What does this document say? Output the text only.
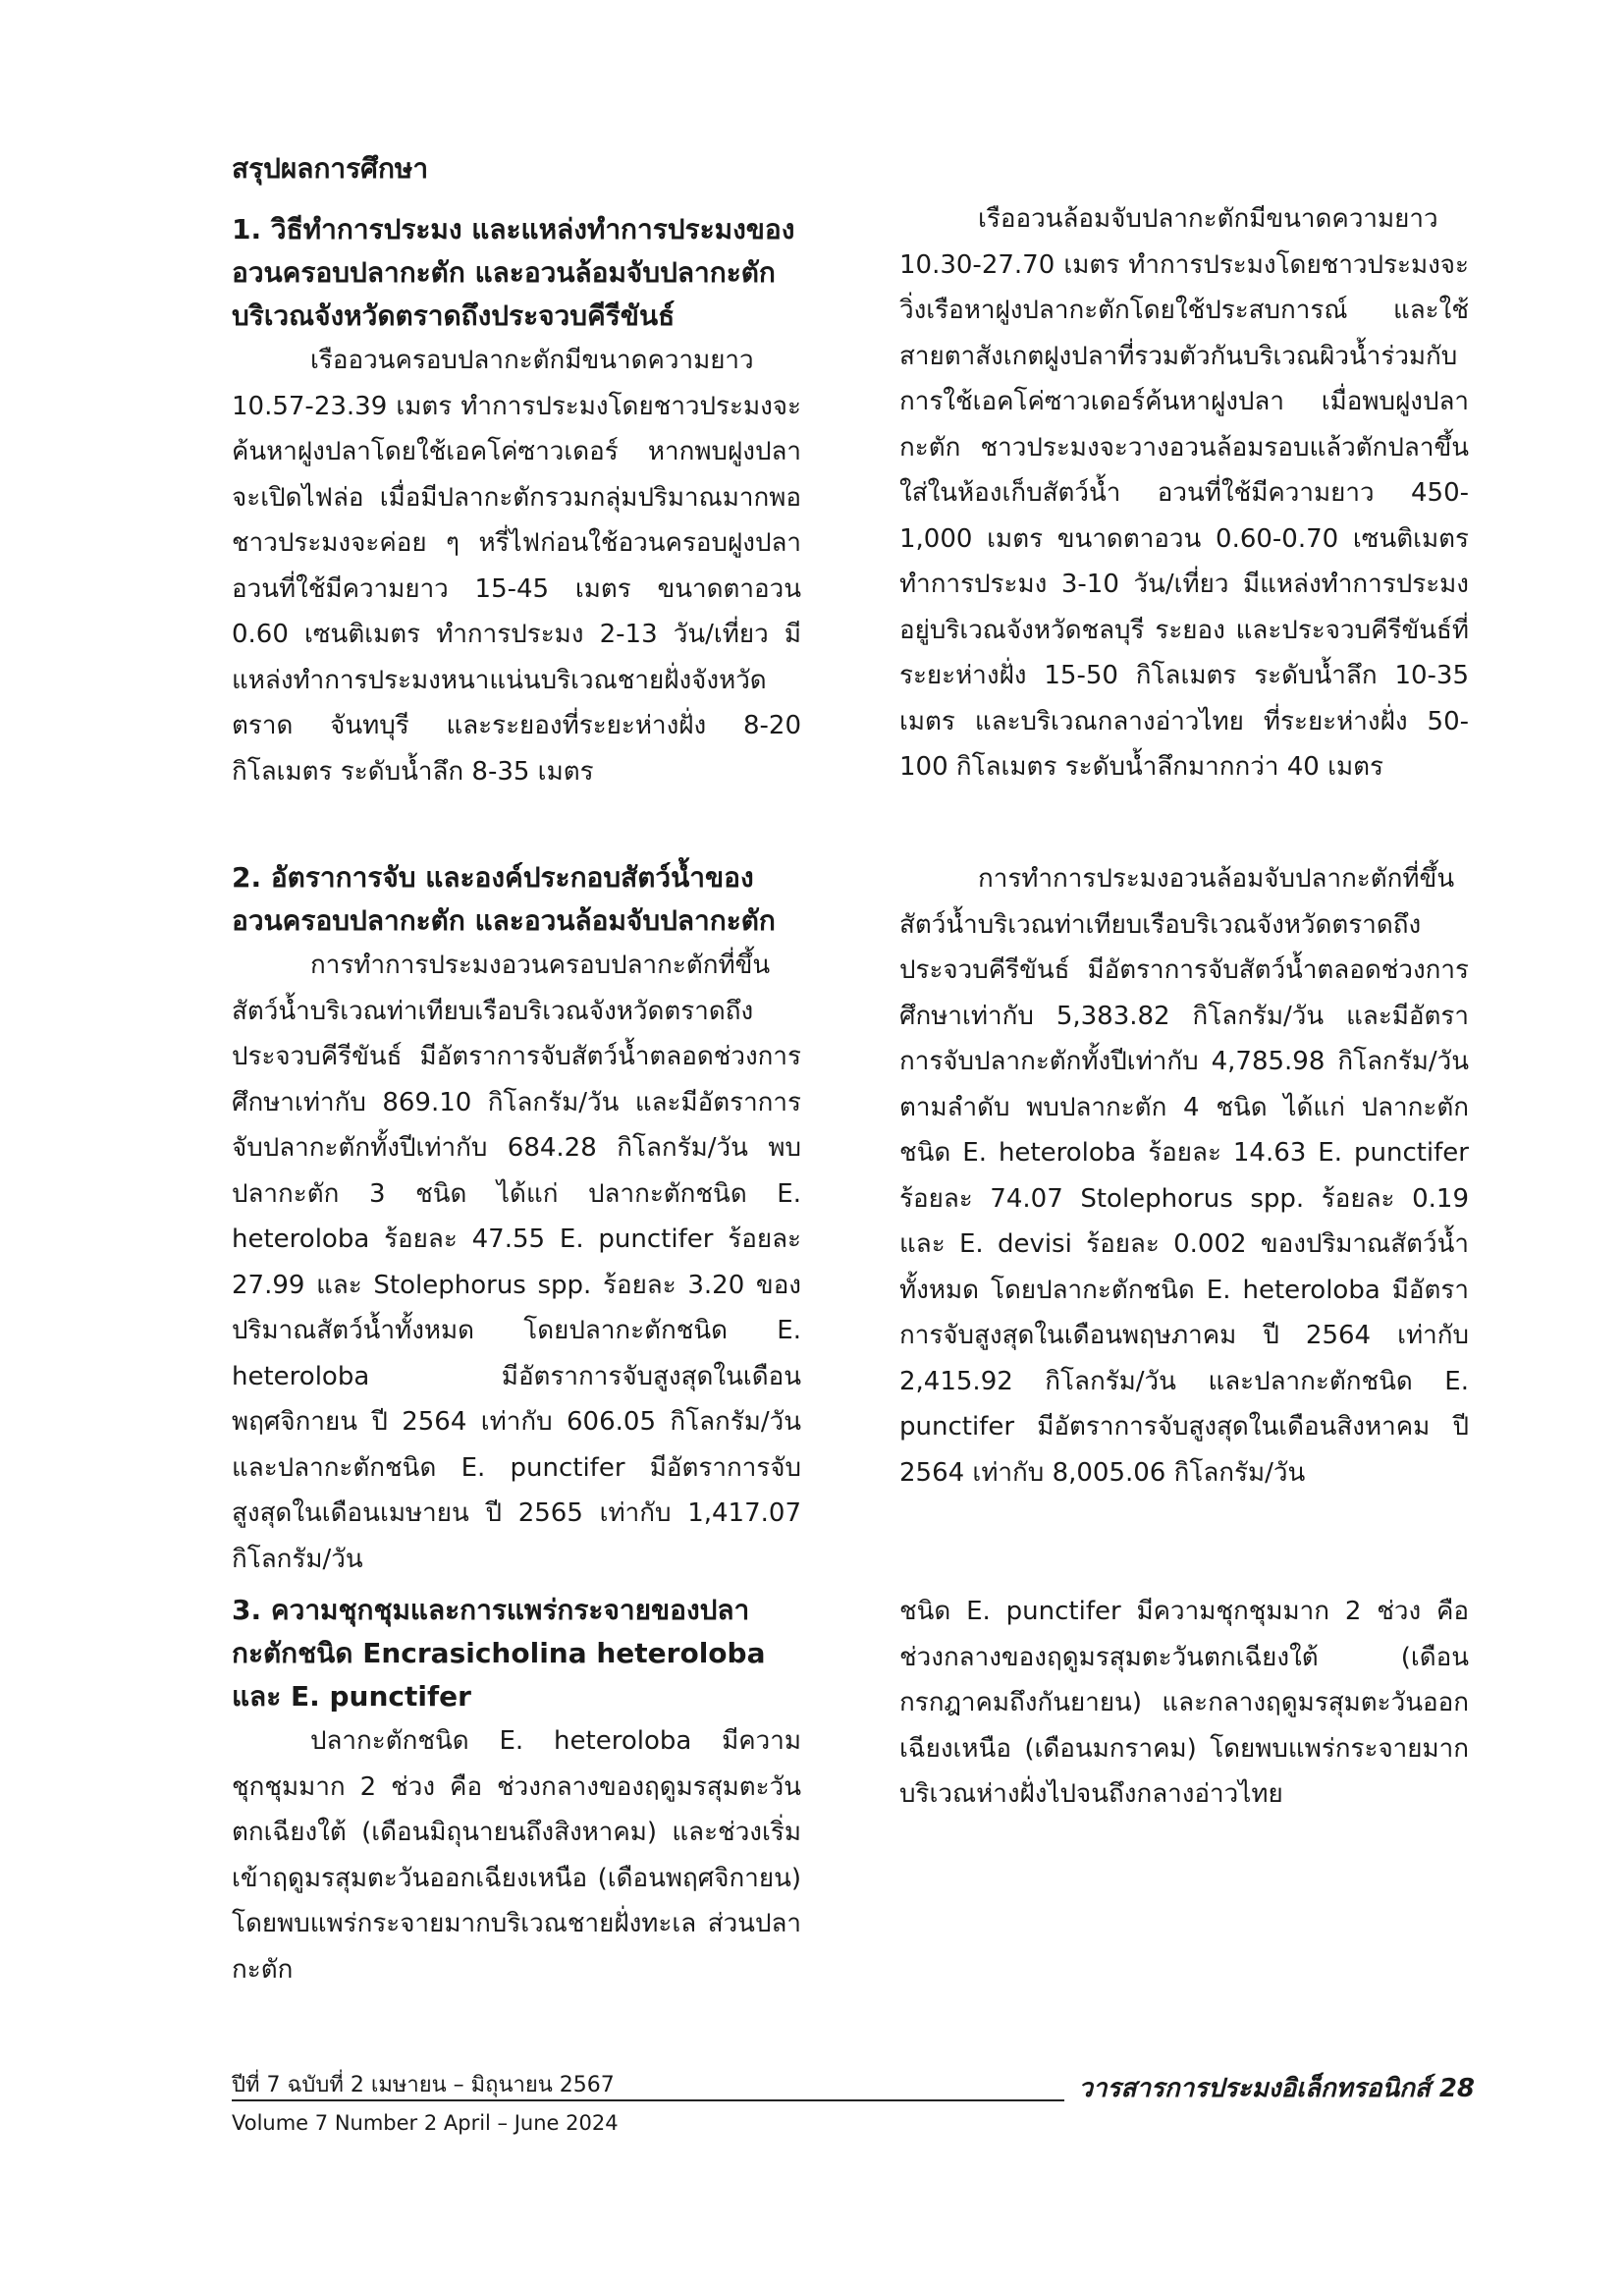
สรุปผลการศึกษา

1. วิธีทำการประมง และแหล่งทำการประมงของอวนครอบปลากะตัก และอวนล้อมจับปลากะตักบริเวณจังหวัดตราดถึงประจวบคีรีขันธ์

เรืออวนครอบปลากะตักมีขนาดความยาว 10.57-23.39 เมตร ทำการประมงโดยชาวประมงจะค้นหาฝูงปลาโดยใช้เอคโค่ซาวเดอร์ หากพบฝูงปลาจะเปิดไฟล่อ เมื่อมีปลากะตักรวมกลุ่มปริมาณมากพอ ชาวประมงจะค่อย ๆ หรี่ไฟก่อนใช้อวนครอบฝูงปลา อวนที่ใช้มีความยาว 15-45 เมตร ขนาดตาอวน 0.60 เซนติเมตร ทำการประมง 2-13 วัน/เที่ยว มีแหล่งทำการประมงหนาแน่นบริเวณชายฝั่งจังหวัดตราด จันทบุรี และระยองที่ระยะห่างฝั่ง 8-20 กิโลเมตร ระดับน้ำลึก 8-35 เมตร

เรืออวนล้อมจับปลากะตักมีขนาดความยาว 10.30-27.70 เมตร ทำการประมงโดยชาวประมงจะวิ่งเรือหาฝูงปลากะตักโดยใช้ประสบการณ์ และใช้สายตาสังเกตฝูงปลาที่รวมตัวกันบริเวณผิวน้ำร่วมกับการใช้เอคโค่ซาวเดอร์ค้นหาฝูงปลา เมื่อพบฝูงปลากะตัก ชาวประมงจะวางอวนล้อมรอบแล้วตักปลาขึ้นใส่ในห้องเก็บสัตว์น้ำ อวนที่ใช้มีความยาว 450-1,000 เมตร ขนาดตาอวน 0.60-0.70 เซนติเมตร ทำการประมง 3-10 วัน/เที่ยว มีแหล่งทำการประมงอยู่บริเวณจังหวัดชลบุรี ระยอง และประจวบคีรีขันธ์ที่ระยะห่างฝั่ง 15-50 กิโลเมตร ระดับน้ำลึก 10-35 เมตร และบริเวณกลางอ่าวไทย ที่ระยะห่างฝั่ง 50-100 กิโลเมตร ระดับน้ำลึกมากกว่า 40 เมตร

2. อัตราการจับ และองค์ประกอบสัตว์น้ำของอวนครอบปลากะตัก และอวนล้อมจับปลากะตัก

การทำการประมงอวนครอบปลากะตักที่ขึ้นสัตว์น้ำบริเวณท่าเทียบเรือบริเวณจังหวัดตราดถึงประจวบคีรีขันธ์ มีอัตราการจับสัตว์น้ำตลอดช่วงการศึกษาเท่ากับ 869.10 กิโลกรัม/วัน และมีอัตราการจับปลากะตักทั้งปีเท่ากับ 684.28 กิโลกรัม/วัน พบปลากะตัก 3 ชนิด ได้แก่ ปลากะตักชนิด E. heteroloba ร้อยละ 47.55 E. punctifer ร้อยละ 27.99 และ Stolephorus spp. ร้อยละ 3.20 ของปริมาณสัตว์น้ำทั้งหมด โดยปลากะตักชนิด E. heteroloba มีอัตราการจับสูงสุดในเดือนพฤศจิกายน ปี 2564 เท่ากับ 606.05 กิโลกรัม/วัน และปลากะตักชนิด E. punctifer มีอัตราการจับสูงสุดในเดือนเมษายน ปี 2565 เท่ากับ 1,417.07 กิโลกรัม/วัน

การทำการประมงอวนล้อมจับปลากะตักที่ขึ้นสัตว์น้ำบริเวณท่าเทียบเรือบริเวณจังหวัดตราดถึงประจวบคีรีขันธ์ มีอัตราการจับสัตว์น้ำตลอดช่วงการศึกษาเท่ากับ 5,383.82 กิโลกรัม/วัน และมีอัตราการจับปลากะตักทั้งปีเท่ากับ 4,785.98 กิโลกรัม/วัน ตามลำดับ พบปลากะตัก 4 ชนิด ได้แก่ ปลากะตักชนิด E. heteroloba ร้อยละ 14.63 E. punctifer ร้อยละ 74.07 Stolephorus spp. ร้อยละ 0.19 และ E. devisi ร้อยละ 0.002 ของปริมาณสัตว์น้ำทั้งหมด โดยปลากะตักชนิด E. heteroloba มีอัตราการจับสูงสุดในเดือนพฤษภาคม ปี 2564 เท่ากับ 2,415.92 กิโลกรัม/วัน และปลากะตักชนิด E. punctifer มีอัตราการจับสูงสุดในเดือนสิงหาคม ปี 2564 เท่ากับ 8,005.06 กิโลกรัม/วัน

3. ความชุกชุมและการแพร่กระจายของปลากะตักชนิด Encrasicholina heteroloba และ E. punctifer

ปลากะตักชนิด E. heteroloba มีความชุกชุมมาก 2 ช่วง คือ ช่วงกลางของฤดูมรสุมตะวันตกเฉียงใต้ (เดือนมิถุนายนถึงสิงหาคม) และช่วงเริ่มเข้าฤดูมรสุมตะวันออกเฉียงเหนือ (เดือนพฤศจิกายน) โดยพบแพร่กระจายมากบริเวณชายฝั่งทะเล ส่วนปลากะตัก

ชนิด E. punctifer มีความชุกชุมมาก 2 ช่วง คือ ช่วงกลางของฤดูมรสุมตะวันตกเฉียงใต้ (เดือนกรกฎาคมถึงกันยายน) และกลางฤดูมรสุมตะวันออกเฉียงเหนือ (เดือนมกราคม) โดยพบแพร่กระจายมากบริเวณห่างฝั่งไปจนถึงกลางอ่าวไทย

ปีที่ 7 ฉบับที่ 2 เมษายน – มิถุนายน 2567
Volume 7 Number 2 April – June 2024
วารสารการประมงอิเล็กทรอนิกส์ 28
